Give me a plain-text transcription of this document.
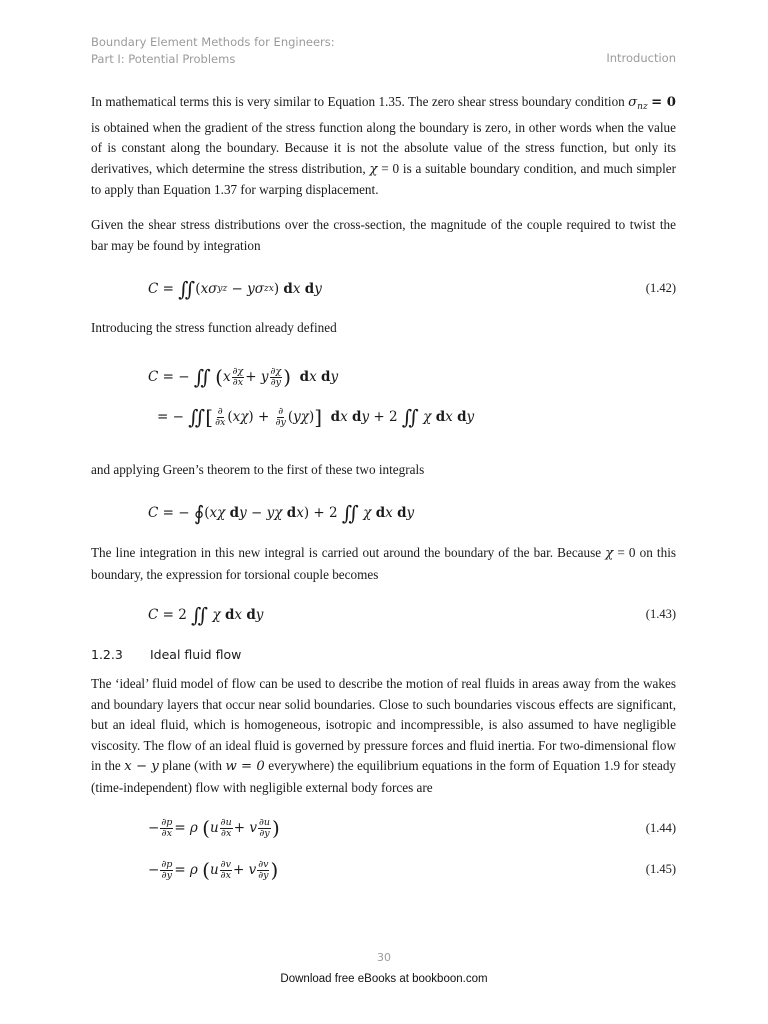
Boundary Element Methods for Engineers:
Part I: Potential Problems	Introduction
In mathematical terms this is very similar to Equation 1.35. The zero shear stress boundary condition $\sigma_{nz} = 0$ is obtained when the gradient of the stress function along the boundary is zero, in other words when the value of is constant along the boundary. Because it is not the absolute value of the stress function, but only its derivatives, which determine the stress distribution, χ = 0 is a suitable boundary condition, and much simpler to apply than Equation 1.37 for warping displacement.
Given the shear stress distributions over the cross-section, the magnitude of the couple required to twist the bar may be found by integration
C = ∬ ( xσ yz − yσ zx ) d x
d y	(1.42)
Introducing the stress function already defined
C = − ∬
( x $\frac{\partial\chi}{\partial x} + y \frac{\partial\chi}{\partial y}$ )
d x
d y
= − ∬ [ $\frac{\partial}{\partial x}$ ( xχ ) + $\frac{\partial}{\partial y}$ ( yχ ) ]
d x
d y + 2 ∬
χ
d x
d y
and applying Green’s theorem to the first of these two integrals
C = − ∮ ( xχ
d y − yχ
d x ) + 2 ∬
χ
d x
d y
The line integration in this new integral is carried out around the boundary of the bar. Because χ = 0 on this boundary, the expression for torsional couple becomes
C = 2 ∬
χ
d x
d y	(1.43)
1.2.3 Ideal fluid flow
The ‘ideal’ fluid model of flow can be used to describe the motion of real fluids in areas away from the wakes and boundary layers that occur near solid boundaries. Close to such boundaries viscous effects are significant, but an ideal fluid, which is homogeneous, isotropic and incompressible, is also assumed to have negligible viscosity. The flow of an ideal fluid is governed by pressure forces and fluid inertia. For two-dimensional flow in the x − y plane (with w = 0 everywhere) the equilibrium equations in the form of Equation 1.9 for steady (time-independent) flow with negligible external body forces are
− $\frac{\partial p}{\partial x} = \rho$
( u $\frac{\partial u}{\partial x} + v \frac{\partial u}{\partial y}$ )	(1.44)
− $\frac{\partial p}{\partial y} = \rho$
( u $\frac{\partial v}{\partial x} + v \frac{\partial v}{\partial y}$ )	(1.45)
30
Download free eBooks at bookboon.com
